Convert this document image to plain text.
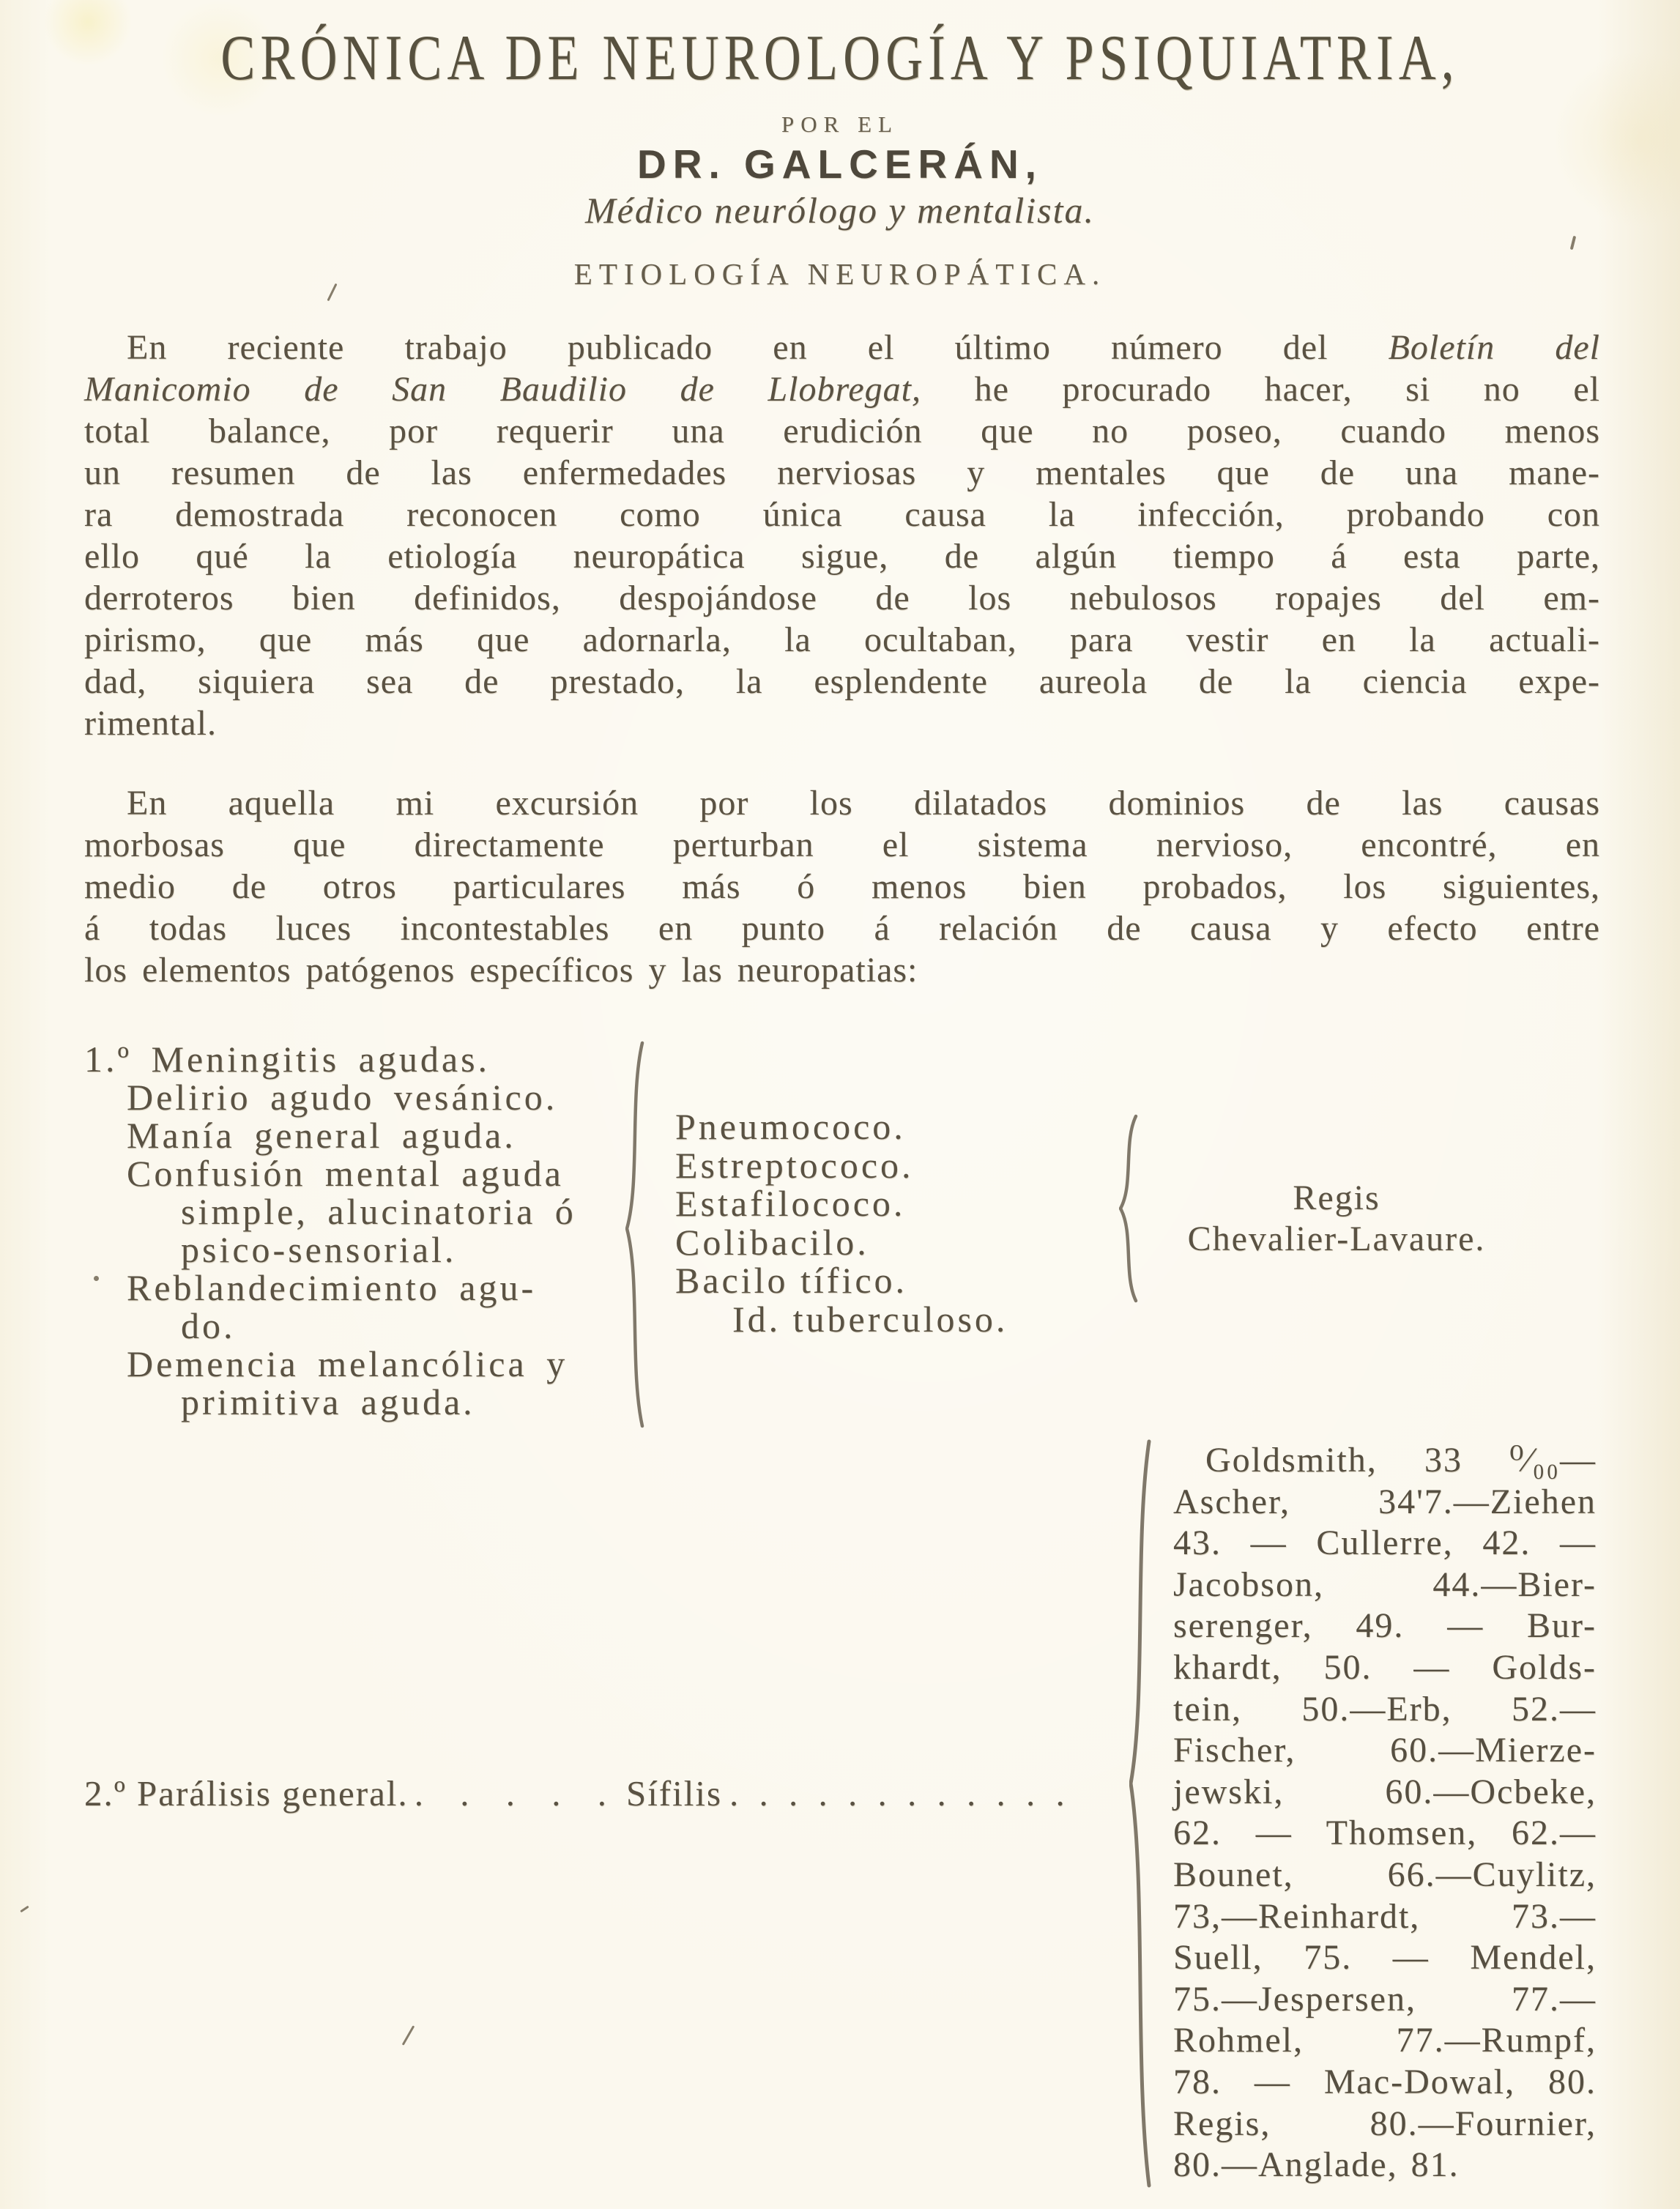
CRÓNICA DE NEUROLOGÍA Y PSIQUIATRIA,
POR EL
DR. GALCERÁN,
Médico neurólogo y mentalista.
ETIOLOGÍA NEUROPÁTICA.
En reciente trabajo publicado en el último número del Boletín del
Manicomio de San Baudilio de Llobregat, he procurado hacer, si no el
total balance, por requerir una erudición que no poseo, cuando menos
un resumen de las enfermedades nerviosas y mentales que de una mane-
ra demostrada reconocen como única causa la infección, probando con
ello qué la etiología neuropática sigue, de algún tiempo á esta parte,
derroteros bien definidos, despojándose de los nebulosos ropajes del em-
pirismo, que más que adornarla, la ocultaban, para vestir en la actuali-
dad, siquiera sea de prestado, la esplendente aureola de la ciencia expe-
rimental.
En aquella mi excursión por los dilatados dominios de las causas
morbosas que directamente perturban el sistema nervioso, encontré, en
medio de otros particulares más ó menos bien probados, los siguientes,
á todas luces incontestables en punto á relación de causa y efecto entre
los elementos patógenos específicos y las neuropatias:
1.º Meningitis agudas.
Delirio agudo vesánico.
Manía general aguda.
Confusión mental aguda
simple, alucinatoria ó
psico-sensorial.
Reblandecimiento agu-
do.
Demencia melancólica y
primitiva aguda.
Pneumococo.
Estreptococo.
Estafilococo.
Colibacilo.
Bacilo tífico.
Id. tuberculoso.
Regis
Chevalier-Lavaure.
2.º Parálisis general. . . . . . Sífilis . . . . . . . . . . . .
Goldsmith, 33 ⁰⁄₀₀—
Ascher, 34'7.—Ziehen
43. — Cullerre, 42. —
Jacobson, 44.—Bier-
serenger, 49. — Bur-
khardt, 50. — Golds-
tein, 50.—Erb, 52.—
Fischer, 60.—Mierze-
jewski, 60.—Ocbeke,
62. — Thomsen, 62.—
Bounet, 66.—Cuylitz,
73,—Reinhardt, 73.—
Suell, 75. — Mendel,
75.—Jespersen, 77.—
Rohmel, 77.—Rumpf,
78. — Mac-Dowal, 80.
Regis, 80.—Fournier,
80.—Anglade, 81.
